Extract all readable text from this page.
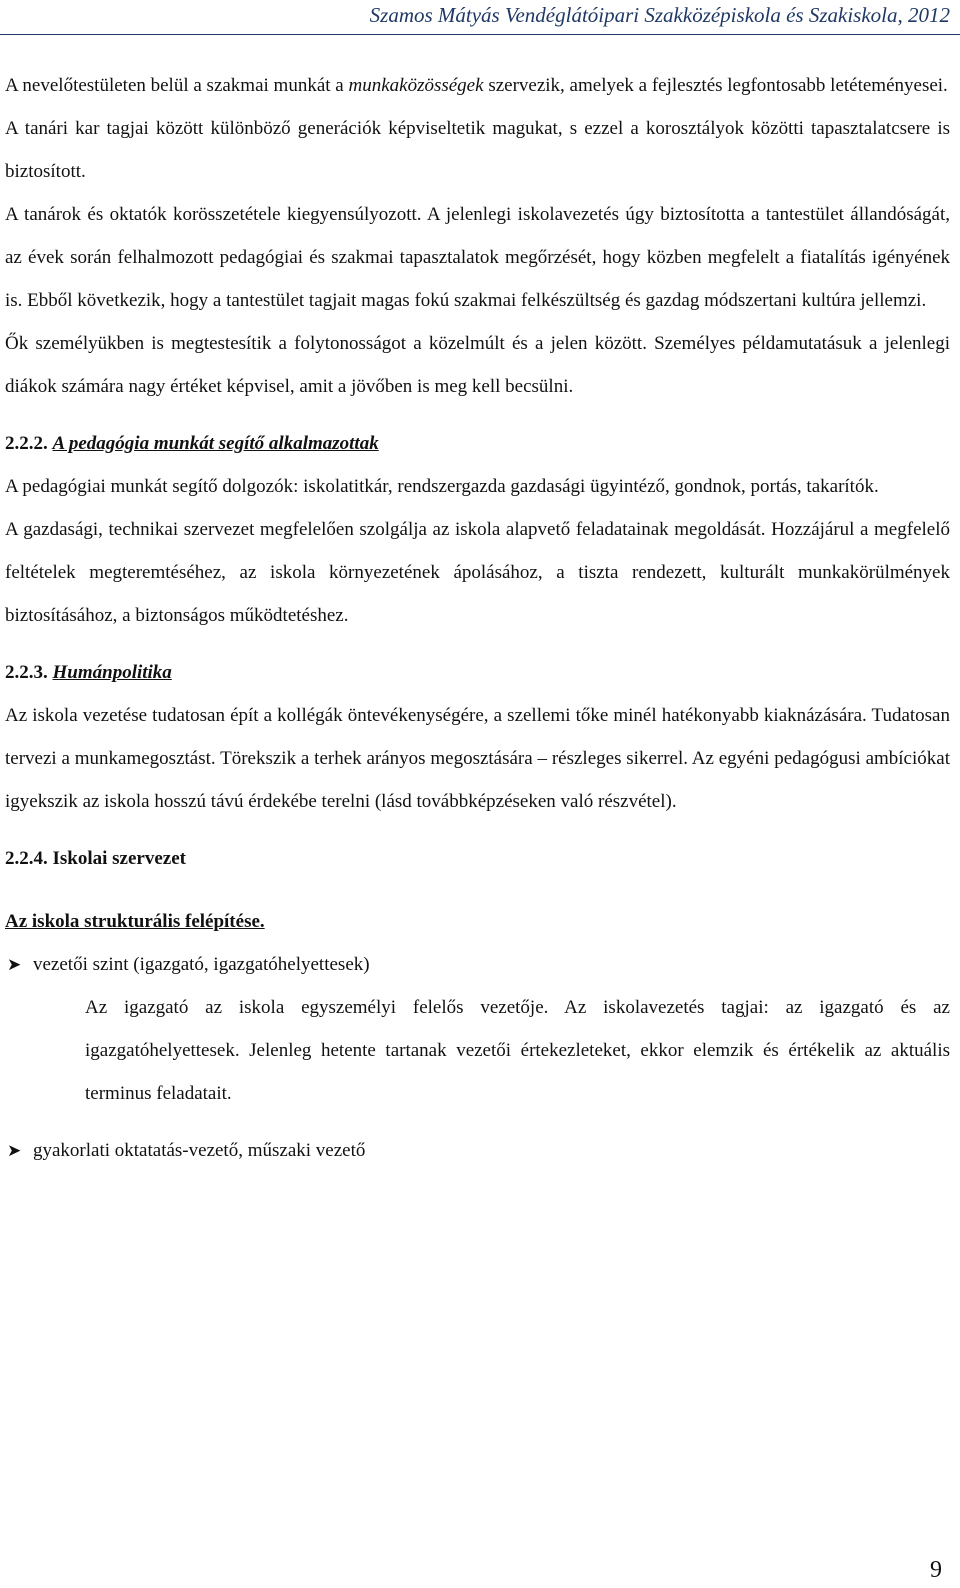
Szamos Mátyás Vendéglátóipari Szakközépiskola és Szakiskola, 2012

A nevelőtestületen belül a szakmai munkát a munkaközösségek szervezik, amelyek a fejlesztés legfontosabb letéteményesei.

A tanári kar tagjai között különböző generációk képviseltetik magukat, s ezzel a korosztályok közötti tapasztalatcsere is biztosított.

A tanárok és oktatók korösszetétele kiegyensúlyozott. A jelenlegi iskolavezetés úgy biztosította a tantestület állandóságát, az évek során felhalmozott pedagógiai és szakmai tapasztalatok megőrzését, hogy közben megfelelt a fiatalítás igényének is. Ebből következik, hogy a tantestület tagjait magas fokú szakmai felkészültség és gazdag módszertani kultúra jellemzi.

Ők személyükben is megtestesítik a folytonosságot a közelmúlt és a jelen között. Személyes példamutatásuk a jelenlegi diákok számára nagy értéket képvisel, amit a jövőben is meg kell becsülni.

2.2.2. A pedagógia munkát segítő alkalmazottak

A pedagógiai munkát segítő dolgozók: iskolatitkár, rendszergazda gazdasági ügyintéző, gondnok, portás, takarítók.

A gazdasági, technikai szervezet megfelelően szolgálja az iskola alapvető feladatainak megoldását. Hozzájárul a megfelelő feltételek megteremtéséhez, az iskola környezetének ápolásához, a tiszta rendezett, kulturált munkakörülmények biztosításához, a biztonságos működtetéshez.

2.2.3. Humánpolitika

Az iskola vezetése tudatosan épít a kollégák öntevékenységére, a szellemi tőke minél hatékonyabb kiaknázására. Tudatosan tervezi a munkamegosztást. Törekszik a terhek arányos megosztására – részleges sikerrel. Az egyéni pedagógusi ambíciókat igyekszik az iskola hosszú távú érdekébe terelni (lásd továbbképzéseken való részvétel).

2.2.4. Iskolai szervezet
Az iskola strukturális felépítése.
➤ vezetői szint (igazgató, igazgatóhelyettesek)

Az igazgató az iskola egyszemélyi felelős vezetője. Az iskolavezetés tagjai: az igazgató és az igazgatóhelyettesek. Jelenleg hetente tartanak vezetői értekezleteket, ekkor elemzik és értékelik az aktuális terminus feladatait.

➤ gyakorlati oktatatás-vezető, műszaki vezető
9
